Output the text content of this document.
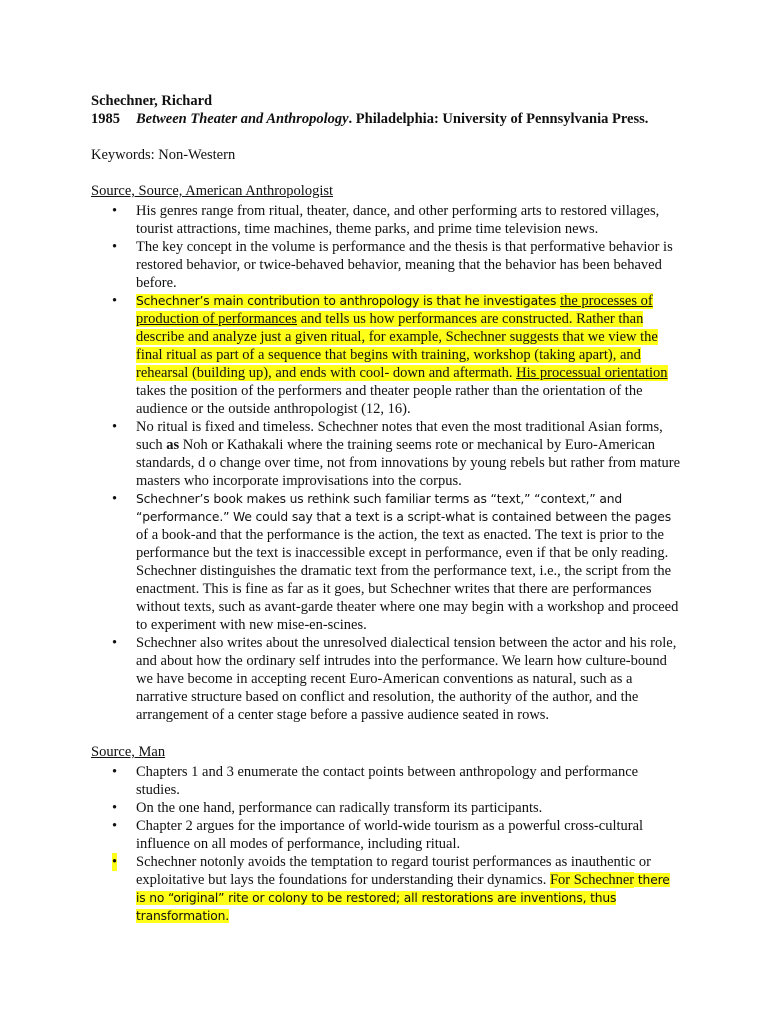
Schechner, Richard

1985 Between Theater and Anthropology. Philadelphia: University of Pennsylvania Press.

Keywords: Non-Western

Source, Source, American Anthropologist

• His genres range from ritual, theater, dance, and other performing arts to restored villages, tourist attractions, time machines, theme parks, and prime time television news.
• The key concept in the volume is performance and the thesis is that performative behavior is restored behavior, or twice-behaved behavior, meaning that the behavior has been behaved before.
• Schechner’s main contribution to anthropology is that he investigates the processes of production of performances and tells us how performances are constructed. Rather than describe and analyze just a given ritual, for example, Schechner suggests that we view the final ritual as part of a sequence that begins with training, workshop (taking apart), and rehearsal (building up), and ends with cool- down and aftermath. His processual orientation takes the position of the performers and theater people rather than the orientation of the audience or the outside anthropologist (12, 16).
• No ritual is fixed and timeless. Schechner notes that even the most traditional Asian forms, such as Noh or Kathakali where the training seems rote or mechanical by Euro-American standards, d o change over time, not from innovations by young rebels but rather from mature masters who incorporate improvisations into the corpus.
• Schechner’s book makes us rethink such familiar terms as “text,” “context,” and “performance.” We could say that a text is a script-what is contained between the pages of a book-and that the performance is the action, the text as enacted. The text is prior to the performance but the text is inaccessible except in performance, even if that be only reading. Schechner distinguishes the dramatic text from the performance text, i.e., the script from the enactment. This is fine as far as it goes, but Schechner writes that there are performances without texts, such as avant-garde theater where one may begin with a workshop and proceed to experiment with new mise-en-scines.
• Schechner also writes about the unresolved dialectical tension between the actor and his role, and about how the ordinary self intrudes into the performance. We learn how culture-bound we have become in accepting recent Euro-American conventions as natural, such as a narrative structure based on conflict and resolution, the authority of the author, and the arrangement of a center stage before a passive audience seated in rows.

Source, Man

• Chapters 1 and 3 enumerate the contact points between anthropology and performance studies.
• On the one hand, performance can radically transform its participants.
• Chapter 2 argues for the importance of world-wide tourism as a powerful cross-cultural influence on all modes of performance, including ritual.
• Schechner notonly avoids the temptation to regard tourist performances as inauthentic or exploitative but lays the foundations for understanding their dynamics. For Schechner there is no “original” rite or colony to be restored; all restorations are inventions, thus transformation.
